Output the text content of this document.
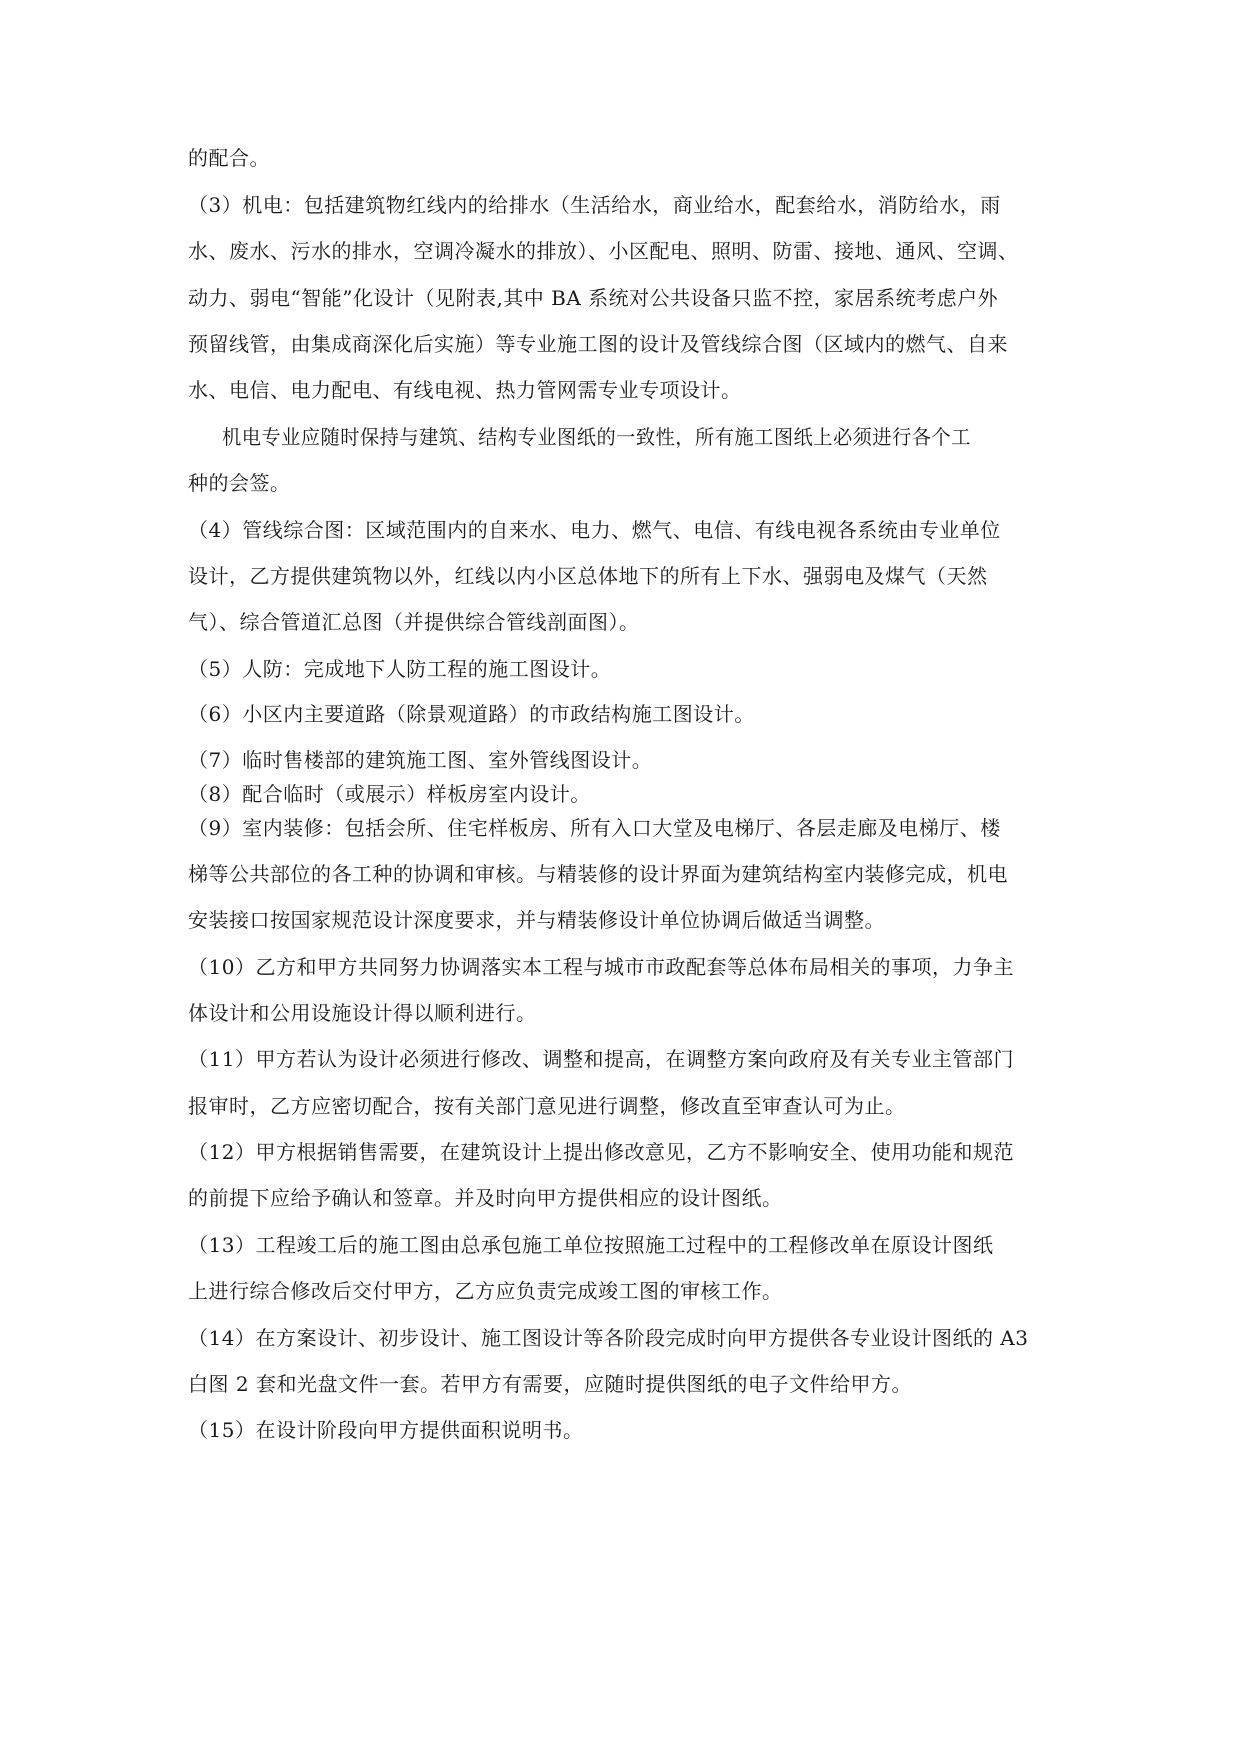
的配合。
（3）机电：包括建筑物红线内的给排水（生活给水，商业给水，配套给水，消防给水，雨
水、废水、污水的排水，空调冷凝水的排放）、小区配电、照明、防雷、接地、通风、空调、
动力、弱电“智能”化设计（见附表,其中 BA 系统对公共设备只监不控，家居系统考虑户外
预留线管，由集成商深化后实施）等专业施工图的设计及管线综合图（区域内的燃气、自来
水、电信、电力配电、有线电视、热力管网需专业专项设计。
机电专业应随时保持与建筑、结构专业图纸的一致性，所有施工图纸上必须进行各个工
种的会签。
（4）管线综合图：区域范围内的自来水、电力、燃气、电信、有线电视各系统由专业单位
设计，乙方提供建筑物以外，红线以内小区总体地下的所有上下水、强弱电及煤气（天然
气）、综合管道汇总图（并提供综合管线剖面图）。
（5）人防：完成地下人防工程的施工图设计。
（6）小区内主要道路（除景观道路）的市政结构施工图设计。
（7）临时售楼部的建筑施工图、室外管线图设计。
（8）配合临时（或展示）样板房室内设计。
（9）室内装修：包括会所、住宅样板房、所有入口大堂及电梯厅、各层走廊及电梯厅、楼
梯等公共部位的各工种的协调和审核。与精装修的设计界面为建筑结构室内装修完成，机电
安装接口按国家规范设计深度要求，并与精装修设计单位协调后做适当调整。
（10）乙方和甲方共同努力协调落实本工程与城市市政配套等总体布局相关的事项，力争主
体设计和公用设施设计得以顺利进行。
（11）甲方若认为设计必须进行修改、调整和提高，在调整方案向政府及有关专业主管部门
报审时，乙方应密切配合，按有关部门意见进行调整，修改直至审查认可为止。
（12）甲方根据销售需要，在建筑设计上提出修改意见，乙方不影响安全、使用功能和规范
的前提下应给予确认和签章。并及时向甲方提供相应的设计图纸。
（13）工程竣工后的施工图由总承包施工单位按照施工过程中的工程修改单在原设计图纸
上进行综合修改后交付甲方，乙方应负责完成竣工图的审核工作。
（14）在方案设计、初步设计、施工图设计等各阶段完成时向甲方提供各专业设计图纸的 A3
白图 2 套和光盘文件一套。若甲方有需要，应随时提供图纸的电子文件给甲方。
（15）在设计阶段向甲方提供面积说明书。
